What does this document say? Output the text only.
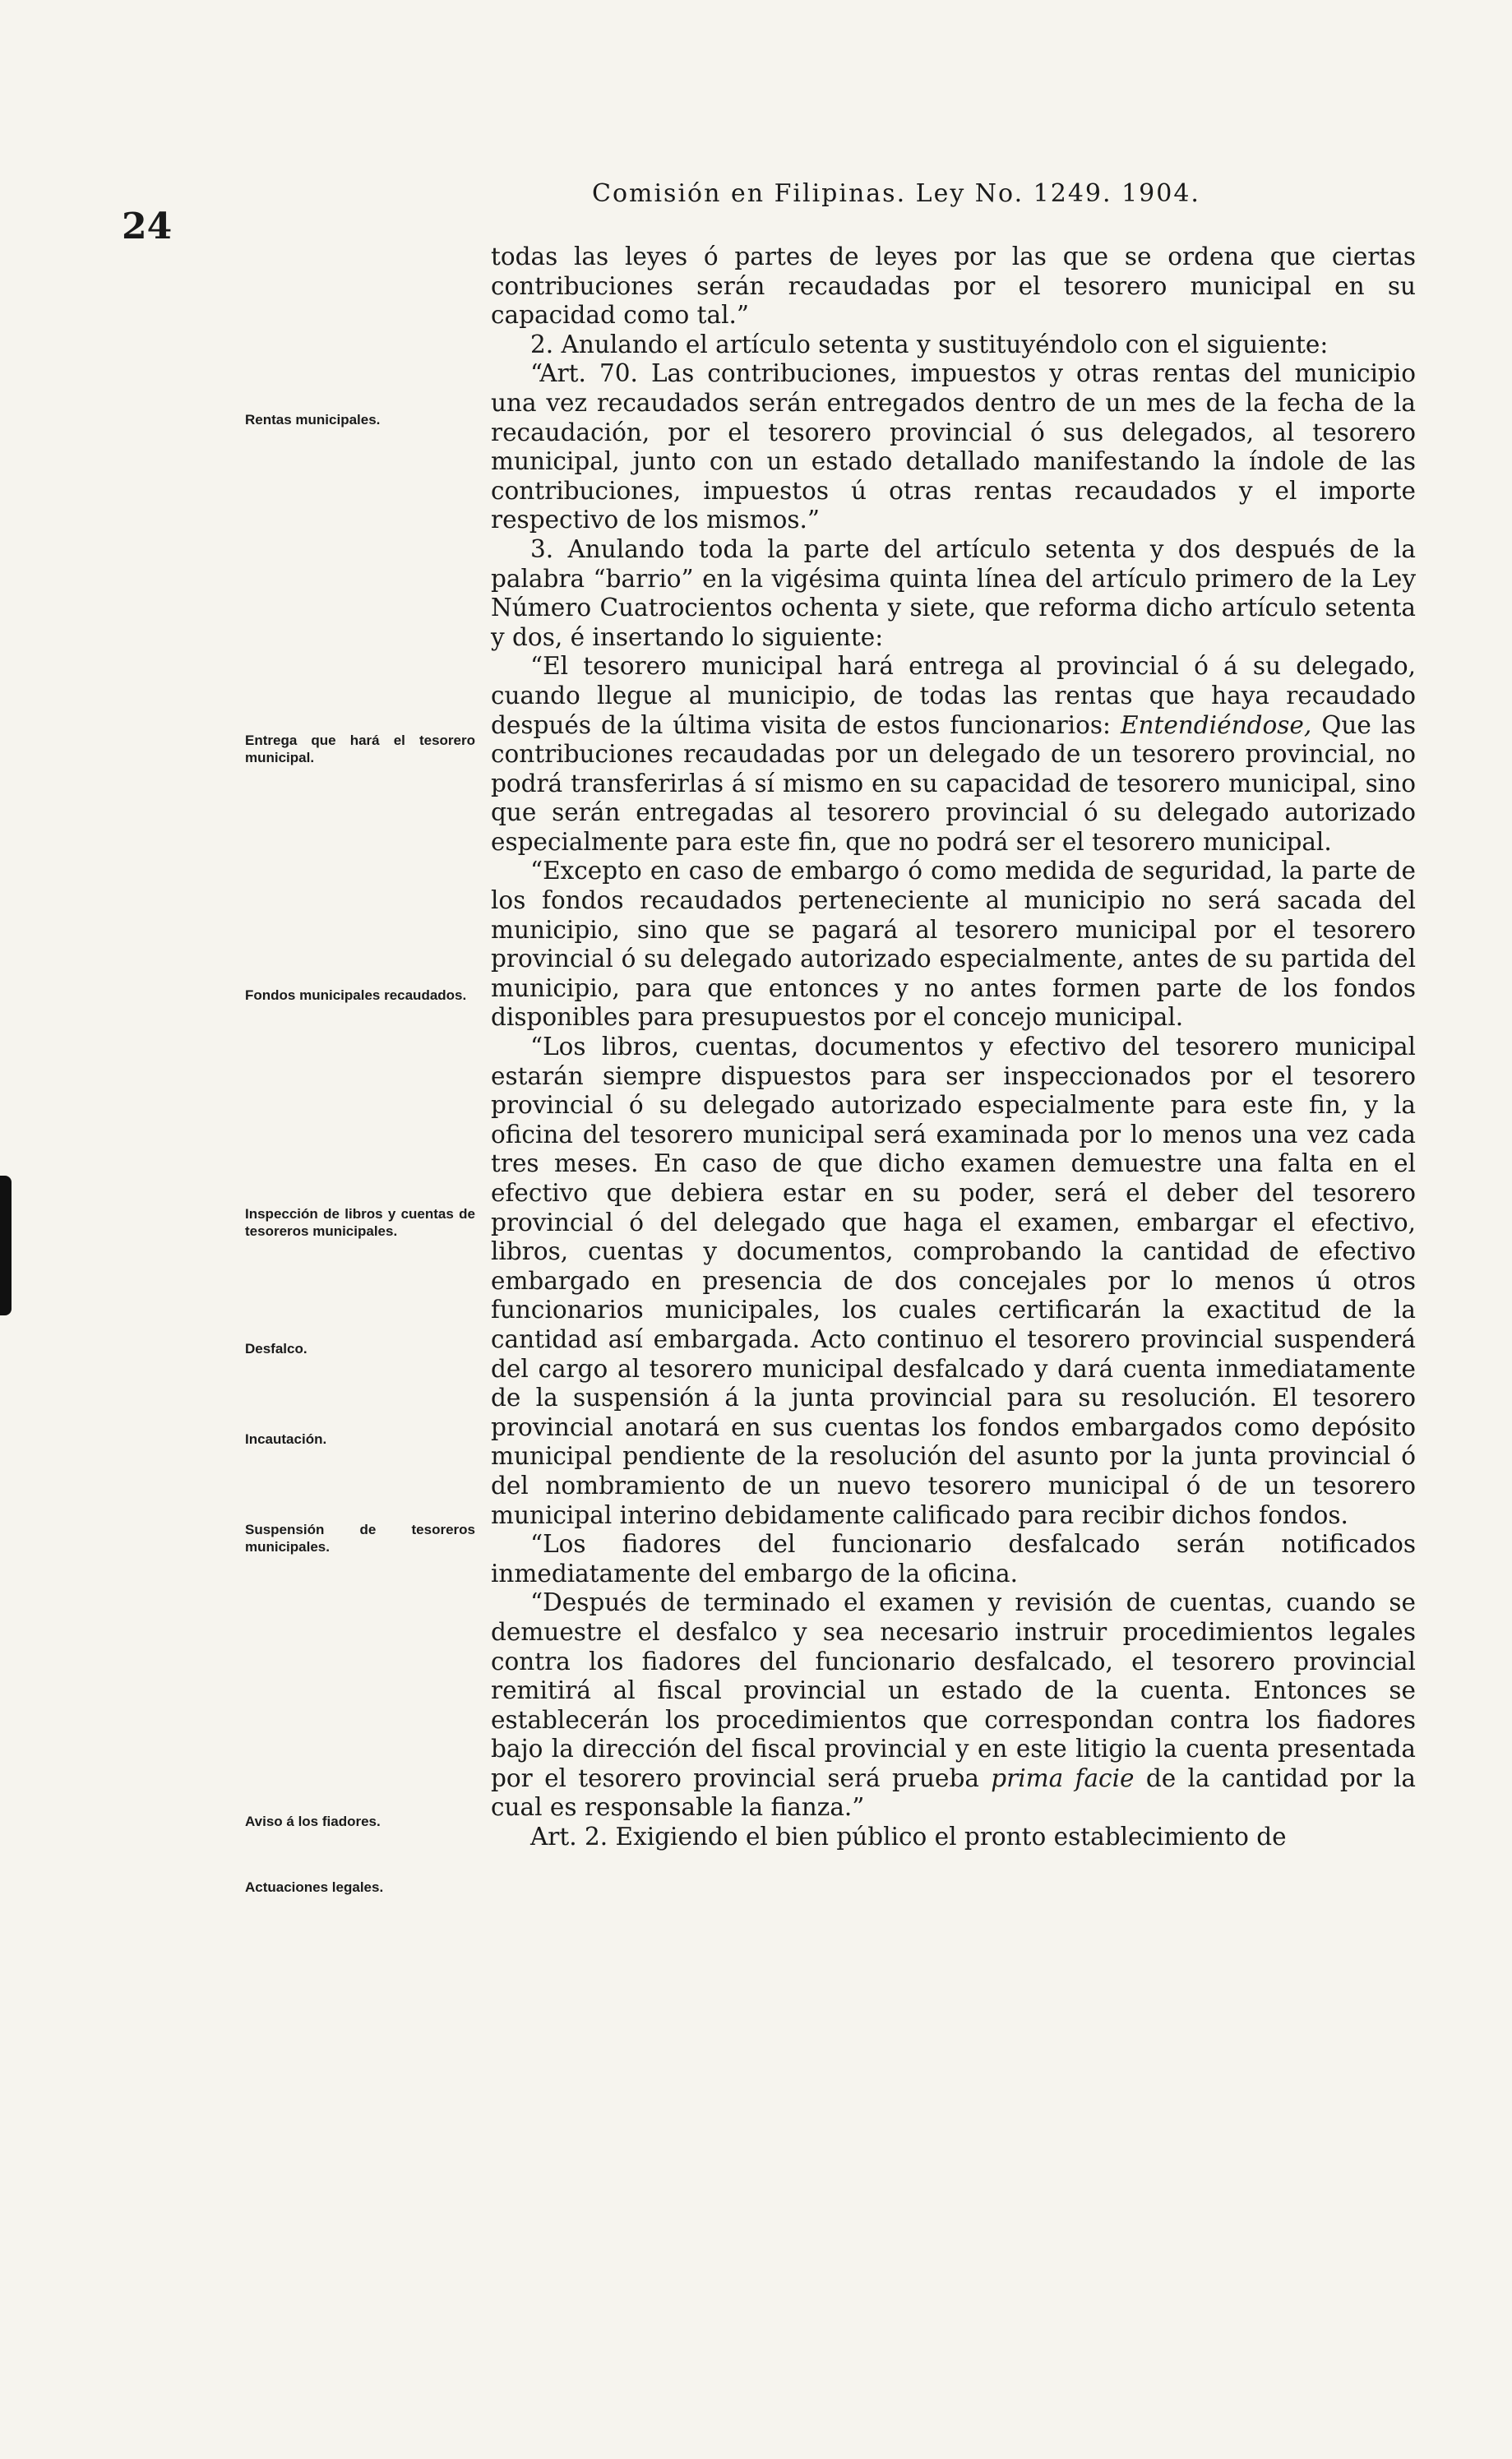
24
Comisión en Filipinas. Ley No. 1249. 1904.
Rentas municipales.
Entrega que hará el tesorero municipal.
Fondos municipales recaudados.
Inspección de libros y cuentas de tesoreros municipales.
Desfalco.
Incautación.
Suspensión de tesoreros municipales.
Aviso á los fiadores.
Actuaciones legales.

todas las leyes ó partes de leyes por las que se ordena que ciertas contribuciones serán recaudadas por el tesorero municipal en su capacidad como tal.”

2. Anulando el artículo setenta y sustituyéndolo con el siguiente:

“Art. 70. Las contribuciones, impuestos y otras rentas del municipio una vez recaudados serán entregados dentro de un mes de la fecha de la recaudación, por el tesorero provincial ó sus delegados, al tesorero municipal, junto con un estado detallado manifestando la índole de las contribuciones, impuestos ú otras rentas recaudados y el importe respectivo de los mismos.”

3. Anulando toda la parte del artículo setenta y dos después de la palabra “barrio” en la vigésima quinta línea del artículo primero de la Ley Número Cuatrocientos ochenta y siete, que reforma dicho artículo setenta y dos, é insertando lo siguiente:

“El tesorero municipal hará entrega al provincial ó á su delegado, cuando llegue al municipio, de todas las rentas que haya recaudado después de la última visita de estos funcionarios: Entendiéndose, Que las contribuciones recaudadas por un delegado de un tesorero provincial, no podrá transferirlas á sí mismo en su capacidad de tesorero municipal, sino que serán entregadas al tesorero provincial ó su delegado autorizado especialmente para este fin, que no podrá ser el tesorero municipal.

“Excepto en caso de embargo ó como medida de seguridad, la parte de los fondos recaudados perteneciente al municipio no será sacada del municipio, sino que se pagará al tesorero municipal por el tesorero provincial ó su delegado autorizado especialmente, antes de su partida del municipio, para que entonces y no antes formen parte de los fondos disponibles para presupuestos por el concejo municipal.

“Los libros, cuentas, documentos y efectivo del tesorero municipal estarán siempre dispuestos para ser inspeccionados por el tesorero provincial ó su delegado autorizado especialmente para este fin, y la oficina del tesorero municipal será examinada por lo menos una vez cada tres meses. En caso de que dicho examen demuestre una falta en el efectivo que debiera estar en su poder, será el deber del tesorero provincial ó del delegado que haga el examen, embargar el efectivo, libros, cuentas y documentos, comprobando la cantidad de efectivo embargado en presencia de dos concejales por lo menos ú otros funcionarios municipales, los cuales certificarán la exactitud de la cantidad así embargada. Acto continuo el tesorero provincial suspenderá del cargo al tesorero municipal desfalcado y dará cuenta inmediatamente de la suspensión á la junta provincial para su resolución. El tesorero provincial anotará en sus cuentas los fondos embargados como depósito municipal pendiente de la resolución del asunto por la junta provincial ó del nombramiento de un nuevo tesorero municipal ó de un tesorero municipal interino debidamente calificado para recibir dichos fondos.

“Los fiadores del funcionario desfalcado serán notificados inmediatamente del embargo de la oficina.

“Después de terminado el examen y revisión de cuentas, cuando se demuestre el desfalco y sea necesario instruir procedimientos legales contra los fiadores del funcionario desfalcado, el tesorero provincial remitirá al fiscal provincial un estado de la cuenta. Entonces se establecerán los procedimientos que correspondan contra los fiadores bajo la dirección del fiscal provincial y en este litigio la cuenta presentada por el tesorero provincial será prueba prima facie de la cantidad por la cual es responsable la fianza.”

Art. 2. Exigiendo el bien público el pronto establecimiento de
